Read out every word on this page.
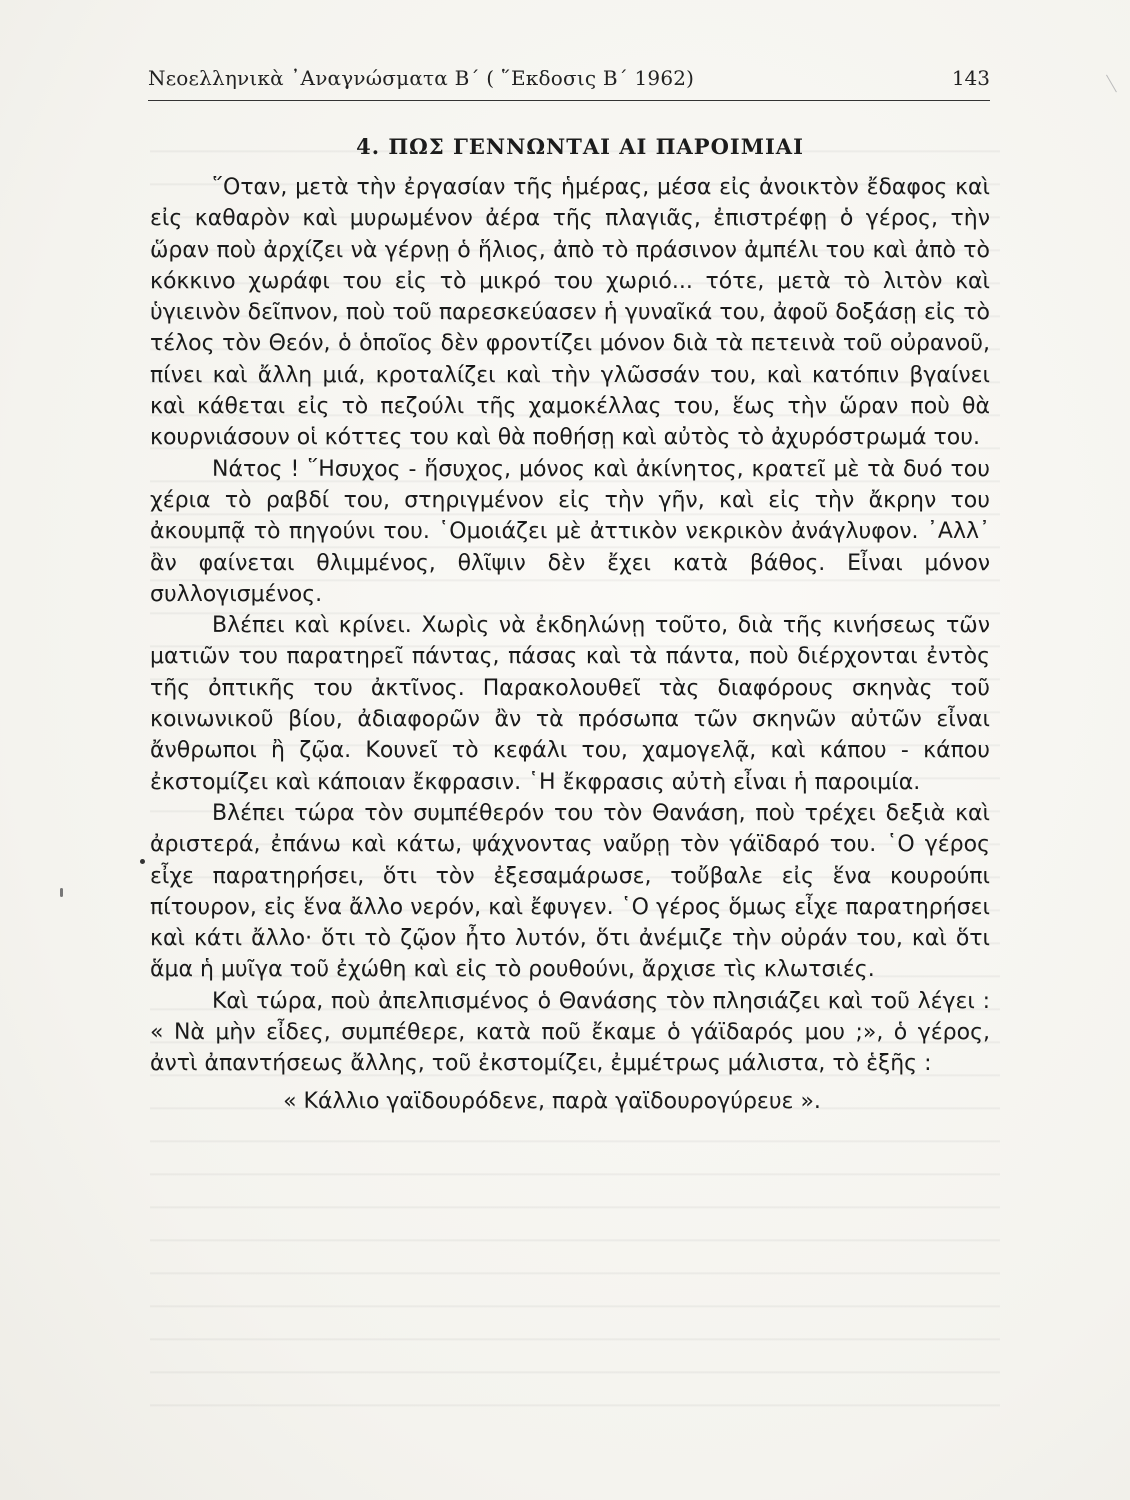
Νεοελληνικὰ ᾿Αναγνώσματα Β΄ ( ῞Εκδοσις Β΄ 1962)	143
4. ΠΩΣ ΓΕΝΝΩΝΤΑΙ ΑΙ ΠΑΡΟΙΜΙΑΙ

῞Οταν, μετὰ τὴν ἐργασίαν τῆς ἡμέρας, μέσα εἰς ἀνοικτὸν ἔδαφος καὶ εἰς καθαρὸν καὶ μυρωμένον ἀέρα τῆς πλαγιᾶς, ἐπιστρέφῃ ὁ γέρος, τὴν ὥραν ποὺ ἀρχίζει νὰ γέρνῃ ὁ ἥλιος, ἀπὸ τὸ πράσινον ἀμπέλι του καὶ ἀπὸ τὸ κόκκινο χωράφι του εἰς τὸ μικρό του χωριό... τότε, μετὰ τὸ λιτὸν καὶ ὑγιεινὸν δεῖπνον, ποὺ τοῦ παρεσκεύασεν ἡ γυναῖκά του, ἀφοῦ δοξάσῃ εἰς τὸ τέλος τὸν Θεόν, ὁ ὁποῖος δὲν φροντίζει μόνον διὰ τὰ πετεινὰ τοῦ οὐρανοῦ, πίνει καὶ ἄλλη μιά, κροταλίζει καὶ τὴν γλῶσσάν του, καὶ κατόπιν βγαίνει καὶ κάθεται εἰς τὸ πεζούλι τῆς χαμοκέλλας του, ἕως τὴν ὥραν ποὺ θὰ κουρνιάσουν οἱ κόττες του καὶ θὰ ποθήσῃ καὶ αὐτὸς τὸ ἀχυρόστρωμά του.

Νάτος ! ῞Ησυχος - ἥσυχος, μόνος καὶ ἀκίνητος, κρατεῖ μὲ τὰ δυό του χέρια τὸ ραβδί του, στηριγμένον εἰς τὴν γῆν, καὶ εἰς τὴν ἄκρην του ἀκουμπᾷ τὸ πηγούνι του. ῾Ομοιάζει μὲ ἀττικὸν νεκρικὸν ἀνάγλυφον. ᾿Αλλ᾿ ἂν φαίνεται θλιμμένος, θλῖψιν δὲν ἔχει κατὰ βάθος. Εἶναι μόνον συλλογισμένος.

Βλέπει καὶ κρίνει. Χωρὶς νὰ ἐκδηλώνῃ τοῦτο, διὰ τῆς κινήσεως τῶν ματιῶν του παρατηρεῖ πάντας, πάσας καὶ τὰ πάντα, ποὺ διέρχονται ἐντὸς τῆς ὀπτικῆς του ἀκτῖνος. Παρακολουθεῖ τὰς διαφόρους σκηνὰς τοῦ κοινωνικοῦ βίου, ἀδιαφορῶν ἂν τὰ πρόσωπα τῶν σκηνῶν αὐτῶν εἶναι ἄνθρωποι ἢ ζῷα. Κουνεῖ τὸ κεφάλι του, χαμογελᾷ, καὶ κάπου - κάπου ἐκστομίζει καὶ κάποιαν ἔκφρασιν. ῾Η ἔκφρασις αὐτὴ εἶναι ἡ παροιμία.

Βλέπει τώρα τὸν συμπέθερόν του τὸν Θανάση, ποὺ τρέχει δεξιὰ καὶ ἀριστερά, ἐπάνω καὶ κάτω, ψάχνοντας ναὔρῃ τὸν γάϊδαρό του. ῾Ο γέρος εἶχε παρατηρήσει, ὅτι τὸν ἐξεσαμάρωσε, τοὔβαλε εἰς ἕνα κουρούπι πίτουρον, εἰς ἕνα ἄλλο νερόν, καὶ ἔφυγεν. ῾Ο γέρος ὅμως εἶχε παρατηρήσει καὶ κάτι ἄλλο· ὅτι τὸ ζῷον ἦτο λυτόν, ὅτι ἀνέμιζε τὴν οὐράν του, καὶ ὅτι ἅμα ἡ μυῖγα τοῦ ἐχώθη καὶ εἰς τὸ ρουθούνι, ἄρχισε τὶς κλωτσιές.

Καὶ τώρα, ποὺ ἀπελπισμένος ὁ Θανάσης τὸν πλησιάζει καὶ τοῦ λέγει : « Νὰ μὴν εἶδες, συμπέθερε, κατὰ ποῦ ἔκαμε ὁ γάϊδαρός μου ;», ὁ γέρος, ἀντὶ ἀπαντήσεως ἄλλης, τοῦ ἐκστομίζει, ἐμμέτρως μάλιστα, τὸ ἑξῆς :

« Κάλλιο γαϊδουρόδενε, παρὰ γαϊδουρογύρευε ».
